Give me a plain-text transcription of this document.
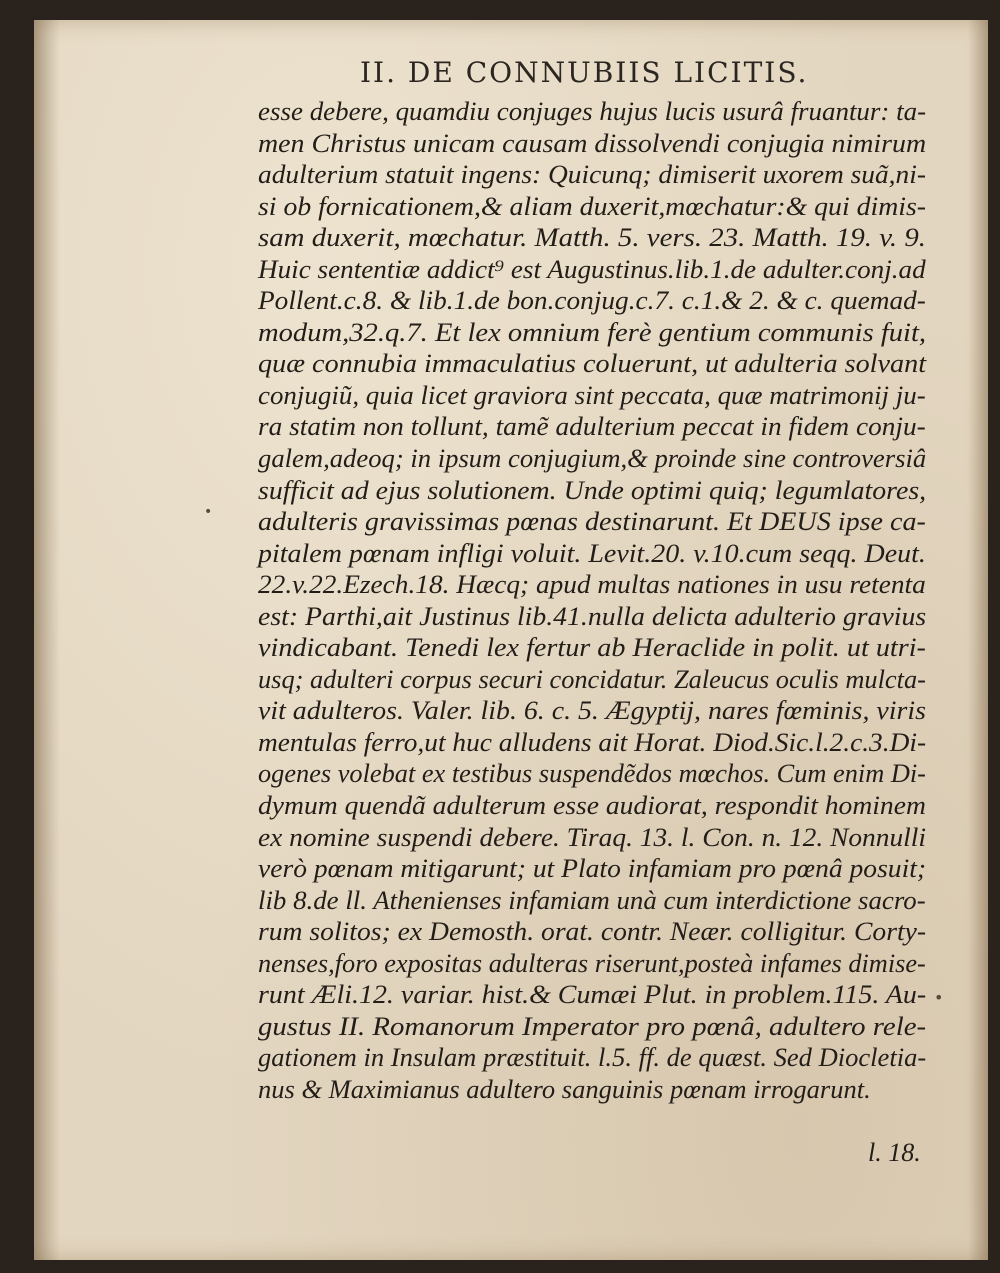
II. DE CONNUBIIS LICITIS.
esse debere, quamdiu conjuges hujus lucis usurâ fruantur: ta-
men Christus unicam causam dissolvendi conjugia nimirum
adulterium statuit ingens: Quicunq; dimiserit uxorem suã,ni-
si ob fornicationem,& aliam duxerit,mœchatur:& qui dimis-
sam duxerit, mœchatur. Matth. 5. vers. 23. Matth. 19. v. 9.
Huic sententiæ addict⁹ est Augustinus.lib.1.de adulter.conj.ad
Pollent.c.8. & lib.1.de bon.conjug.c.7. c.1.& 2. & c. quemad-
modum,32.q.7. Et lex omnium ferè gentium communis fuit,
quæ connubia immaculatius coluerunt, ut adulteria solvant
conjugiũ, quia licet graviora sint peccata, quæ matrimonij ju-
ra statim non tollunt, tamẽ adulterium peccat in fidem conju-
galem,adeoq; in ipsum conjugium,& proinde sine controversiâ
sufficit ad ejus solutionem. Unde optimi quiq; legumlatores,
adulteris gravissimas pœnas destinarunt. Et DEUS ipse ca-
pitalem pœnam infligi voluit. Levit.20. v.10.cum seqq. Deut.
22.v.22.Ezech.18. Hæcq; apud multas nationes in usu retenta
est: Parthi,ait Justinus lib.41.nulla delicta adulterio gravius
vindicabant. Tenedi lex fertur ab Heraclide in polit. ut utri-
usq; adulteri corpus securi concidatur. Zaleucus oculis mulcta-
vit adulteros. Valer. lib. 6. c. 5. Ægyptij, nares fœminis, viris
mentulas ferro,ut huc alludens ait Horat. Diod.Sic.l.2.c.3.Di-
ogenes volebat ex testibus suspendẽdos mœchos. Cum enim Di-
dymum quendã adulterum esse audiorat, respondit hominem
ex nomine suspendi debere. Tiraq. 13. l. Con. n. 12. Nonnulli
verò pœnam mitigarunt; ut Plato infamiam pro pœnâ posuit;
lib 8.de ll. Athenienses infamiam unà cum interdictione sacro-
rum solitos; ex Demosth. orat. contr. Neær. colligitur. Corty-
nenses,foro expositas adulteras riserunt,posteà infames dimise-
runt Æli.12. variar. hist.& Cumæi Plut. in problem.115. Au-
gustus II. Romanorum Imperator pro pœnâ, adultero rele-
gationem in Insulam præstituit. l.5. ff. de quæst. Sed Diocletia-
nus & Maximianus adultero sanguinis pœnam irrogarunt.
l. 18.
•
•
